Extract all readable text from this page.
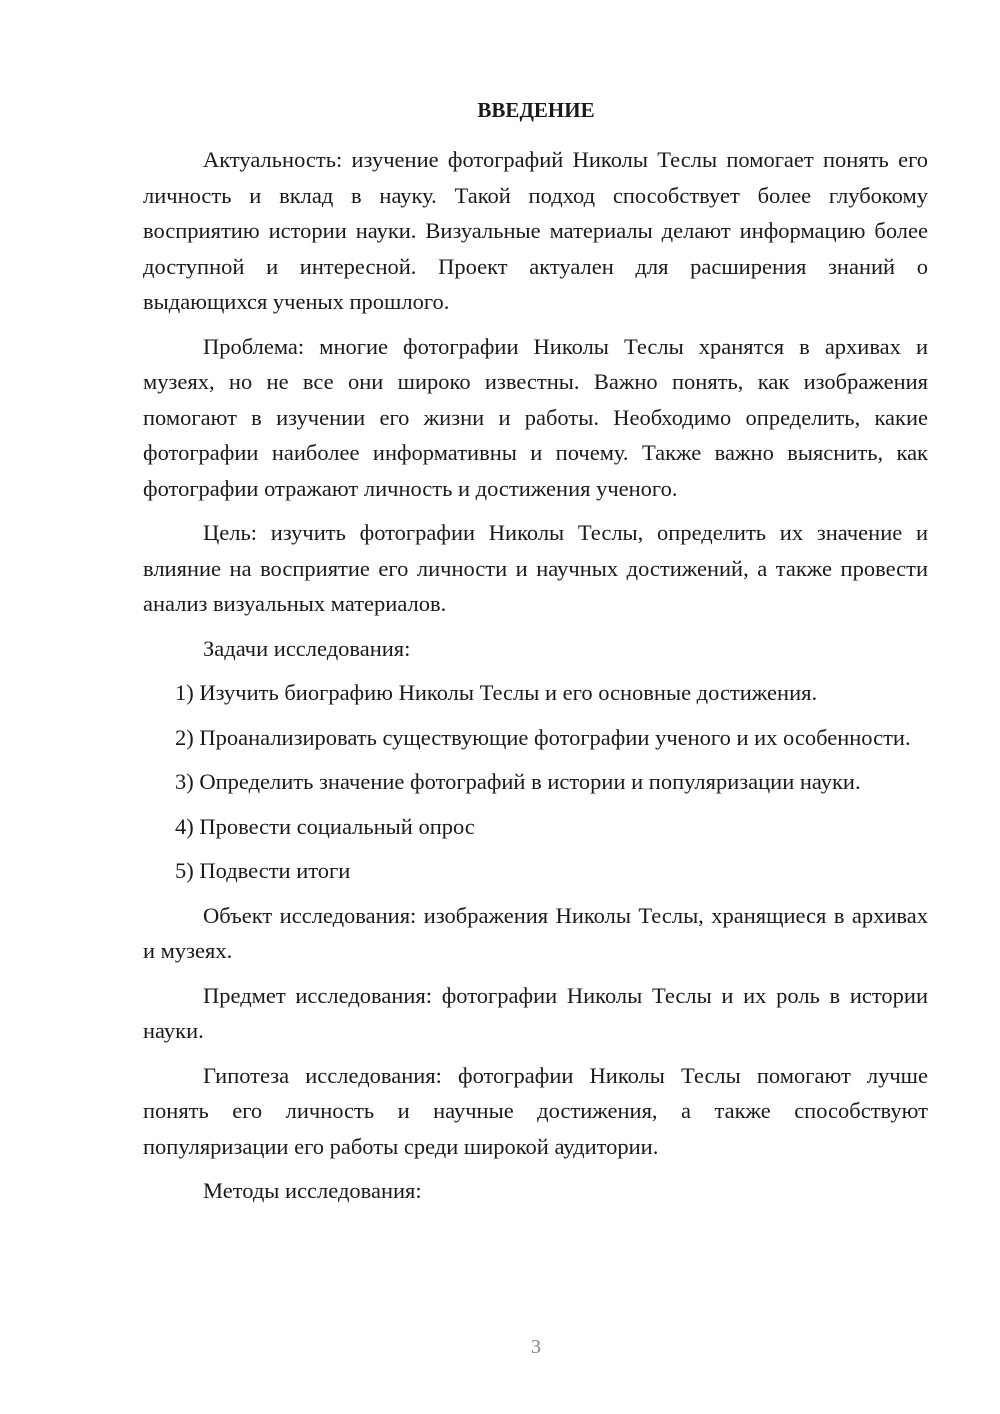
ВВЕДЕНИЕ

Актуальность: изучение фотографий Николы Теслы помогает понять его личность и вклад в науку. Такой подход способствует более глубокому восприятию истории науки. Визуальные материалы делают информацию более доступной и интересной. Проект актуален для расширения знаний о выдающихся ученых прошлого.

Проблема: многие фотографии Николы Теслы хранятся в архивах и музеях, но не все они широко известны. Важно понять, как изображения помогают в изучении его жизни и работы. Необходимо определить, какие фотографии наиболее информативны и почему. Также важно выяснить, как фотографии отражают личность и достижения ученого.

Цель: изучить фотографии Николы Теслы, определить их значение и влияние на восприятие его личности и научных достижений, а также провести анализ визуальных материалов.

Задачи исследования:

1) Изучить биографию Николы Теслы и его основные достижения.

2) Проанализировать существующие фотографии ученого и их особенности.

3) Определить значение фотографий в истории и популяризации науки.

4) Провести социальный опрос

5) Подвести итоги

Объект исследования: изображения Николы Теслы, хранящиеся в архивах и музеях.

Предмет исследования: фотографии Николы Теслы и их роль в истории науки.

Гипотеза исследования: фотографии Николы Теслы помогают лучше понять его личность и научные достижения, а также способствуют популяризации его работы среди широкой аудитории.

Методы исследования:

3
